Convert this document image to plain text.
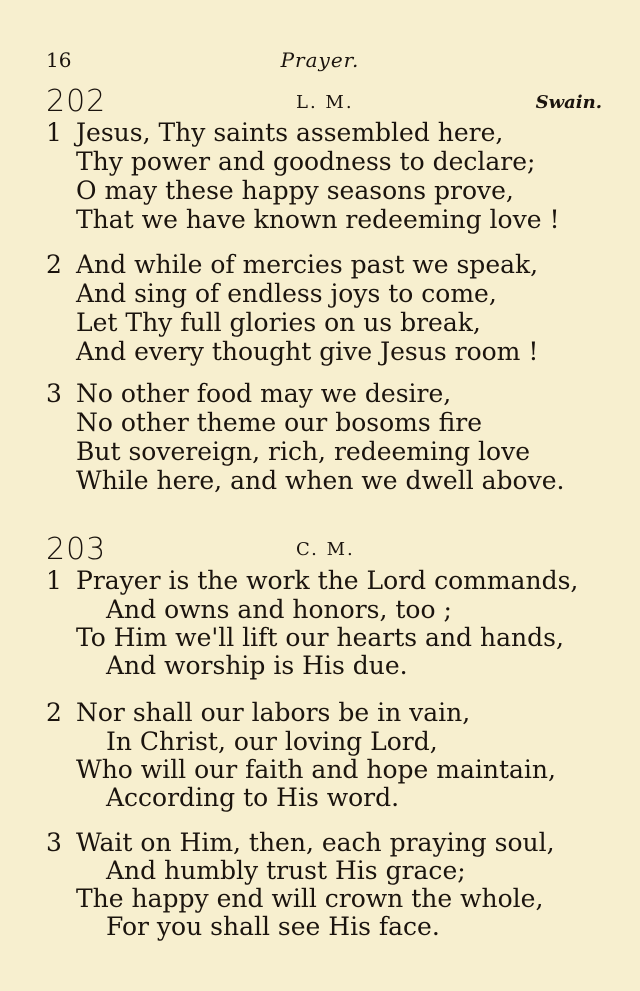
16	Prayer.
202	L. M.	Swain.
1 Jesus, Thy saints assembled here,
Thy power and goodness to declare;
O may these happy seasons prove,
That we have known redeeming love !
2 And while of mercies past we speak,
And sing of endless joys to come,
Let Thy full glories on us break,
And every thought give Jesus room !
3 No other food may we desire,
No other theme our bosoms fire
But sovereign, rich, redeeming love
While here, and when we dwell above.
203	C. M.
1 Prayer is the work the Lord commands,
And owns and honors, too ;
To Him we'll lift our hearts and hands,
And worship is His due.
2 Nor shall our labors be in vain,
In Christ, our loving Lord,
Who will our faith and hope maintain,
According to His word.
3 Wait on Him, then, each praying soul,
And humbly trust His grace;
The happy end will crown the whole,
For you shall see His face.
